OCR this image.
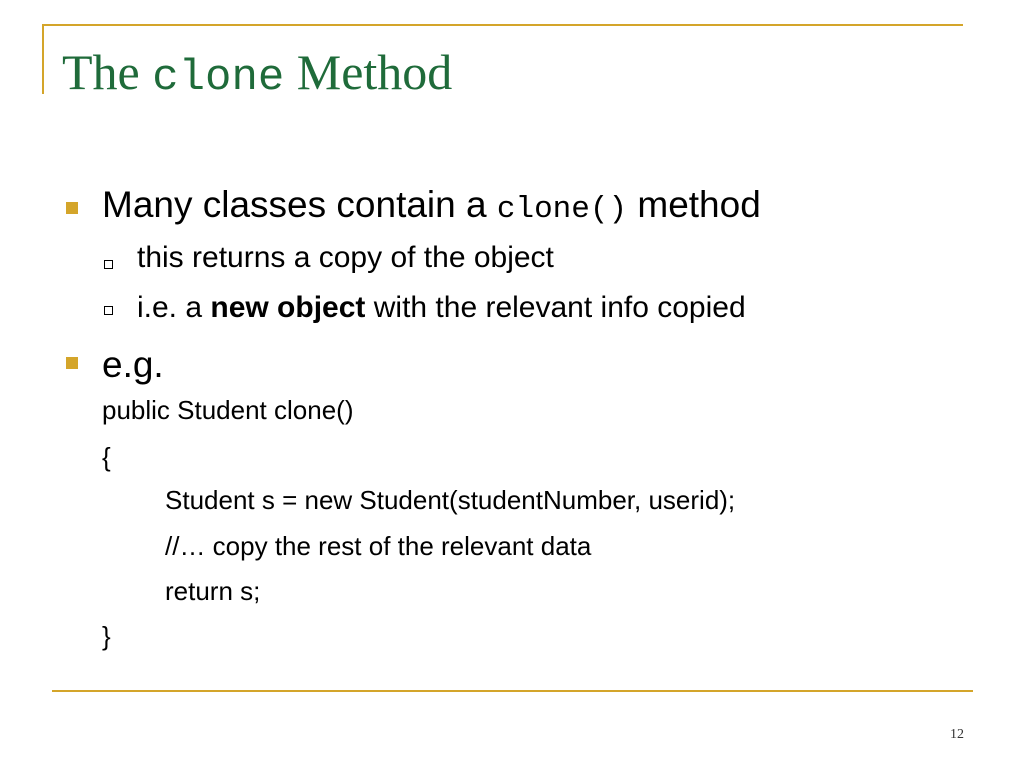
The clone Method
Many classes contain a clone() method
this returns a copy of the object
i.e. a new object with the relevant info copied
e.g.
public Student clone()
{
Student s = new Student(studentNumber, userid);
//… copy the rest of the relevant data
return s;
}
12
